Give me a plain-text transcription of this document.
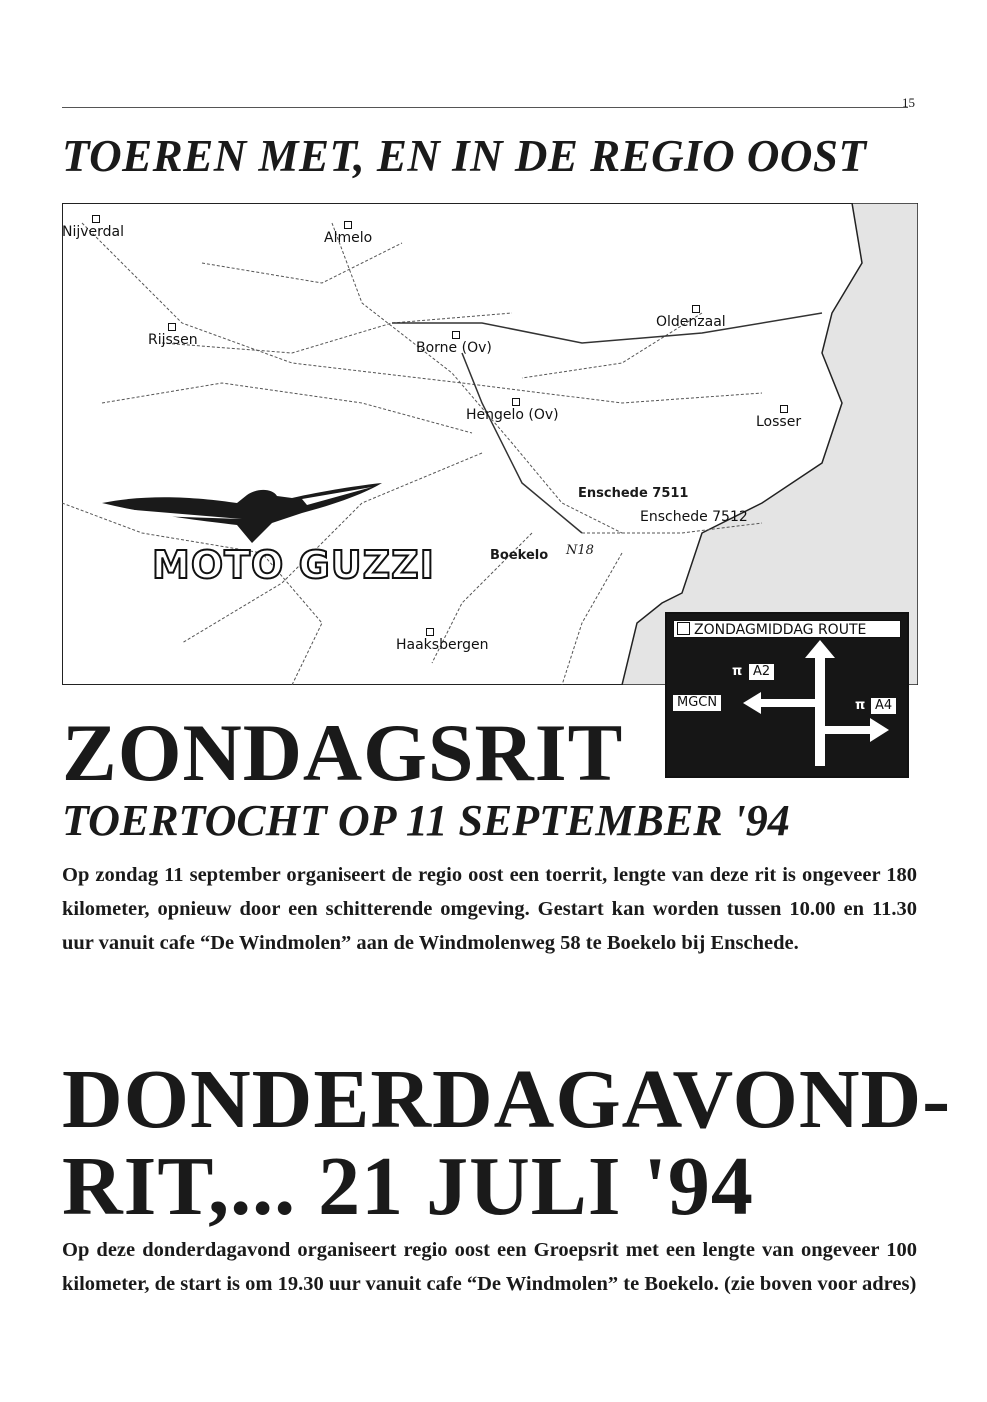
15
TOEREN MET, EN IN DE REGIO OOST
Nijverdal	Almelo
Rijssen	Borne (Ov)
Oldenzaal
Hengelo (Ov)	Losser
Enschede 7511
Enschede 7512
Boekelo N18
Haaksbergen
MOTO GUZZI
ZONDAGMIDDAG ROUTE
π A2
MGCN	π A4
ZONDAGSRIT
TOERTOCHT OP 11 SEPTEMBER '94

Op zondag 11 september organiseert de regio oost een toerrit, lengte van deze rit is ongeveer 180 kilometer, opnieuw door een schitterende omgeving. Gestart kan worden tussen 10.00 en 11.30 uur vanuit cafe “De Windmolen” aan de Windmolenweg 58 te Boekelo bij Enschede.

DONDERDAGAVOND-
RIT,... 21 JULI '94

Op deze donderdagavond organiseert regio oost een Groepsrit met een lengte van ongeveer 100 kilometer, de start is om 19.30 uur vanuit cafe “De Windmolen” te Boekelo. (zie boven voor adres)
